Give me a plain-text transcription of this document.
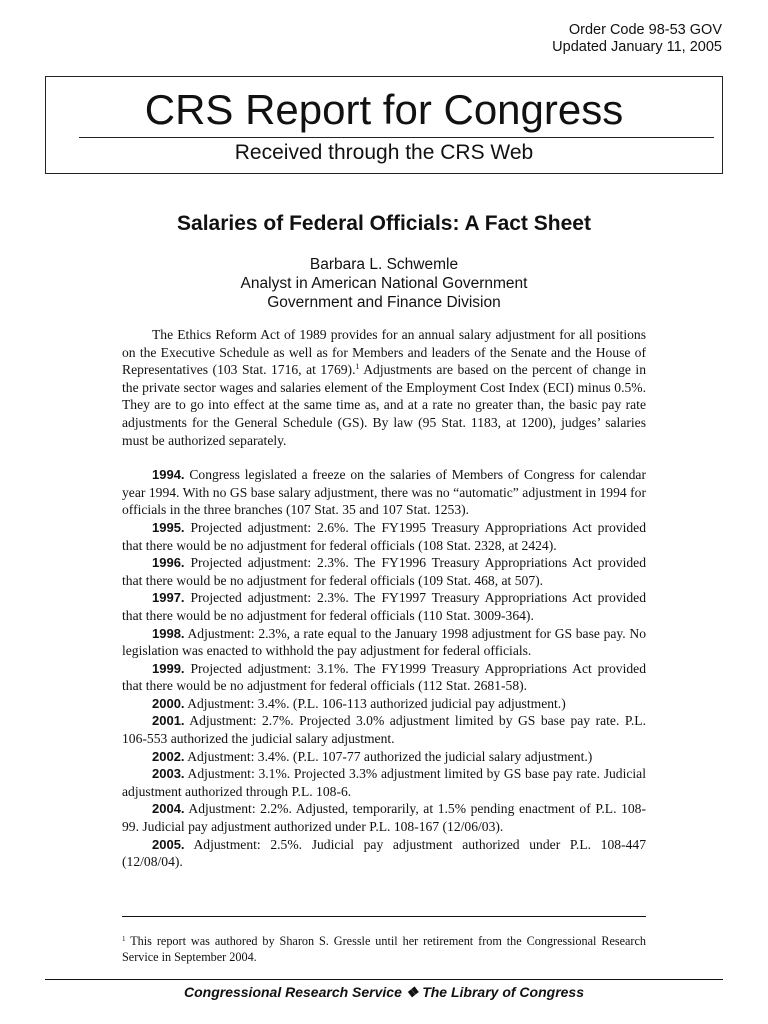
Order Code 98-53 GOV
Updated January 11, 2005
CRS Report for Congress
Received through the CRS Web
Salaries of Federal Officials: A Fact Sheet
Barbara L. Schwemle
Analyst in American National Government
Government and Finance Division

The Ethics Reform Act of 1989 provides for an annual salary adjustment for all positions on the Executive Schedule as well as for Members and leaders of the Senate and the House of Representatives (103 Stat. 1716, at 1769).$^1$ Adjustments are based on the percent of change in the private sector wages and salaries element of the Employment Cost Index (ECI) minus 0.5%. They are to go into effect at the same time as, and at a rate no greater than, the basic pay rate adjustments for the General Schedule (GS). By law (95 Stat. 1183, at 1200), judges’ salaries must be authorized separately.

1994. Congress legislated a freeze on the salaries of Members of Congress for calendar year 1994. With no GS base salary adjustment, there was no “automatic” adjustment in 1994 for officials in the three branches (107 Stat. 35 and 107 Stat. 1253).

1995. Projected adjustment: 2.6%. The FY1995 Treasury Appropriations Act provided that there would be no adjustment for federal officials (108 Stat. 2328, at 2424).

1996. Projected adjustment: 2.3%. The FY1996 Treasury Appropriations Act provided that there would be no adjustment for federal officials (109 Stat. 468, at 507).

1997. Projected adjustment: 2.3%. The FY1997 Treasury Appropriations Act provided that there would be no adjustment for federal officials (110 Stat. 3009-364).

1998. Adjustment: 2.3%, a rate equal to the January 1998 adjustment for GS base pay. No legislation was enacted to withhold the pay adjustment for federal officials.

1999. Projected adjustment: 3.1%. The FY1999 Treasury Appropriations Act provided that there would be no adjustment for federal officials (112 Stat. 2681-58).

2000. Adjustment: 3.4%. (P.L. 106-113 authorized judicial pay adjustment.)

2001. Adjustment: 2.7%. Projected 3.0% adjustment limited by GS base pay rate. P.L. 106-553 authorized the judicial salary adjustment.

2002. Adjustment: 3.4%. (P.L. 107-77 authorized the judicial salary adjustment.)

2003. Adjustment: 3.1%. Projected 3.3% adjustment limited by GS base pay rate. Judicial adjustment authorized through P.L. 108-6.

2004. Adjustment: 2.2%. Adjusted, temporarily, at 1.5% pending enactment of P.L. 108-99. Judicial pay adjustment authorized under P.L. 108-167 (12/06/03).

2005. Adjustment: 2.5%. Judicial pay adjustment authorized under P.L. 108-447 (12/08/04).

$^1$ This report was authored by Sharon S. Gressle until her retirement from the Congressional Research Service in September 2004.
Congressional Research Service ❖ The Library of Congress
